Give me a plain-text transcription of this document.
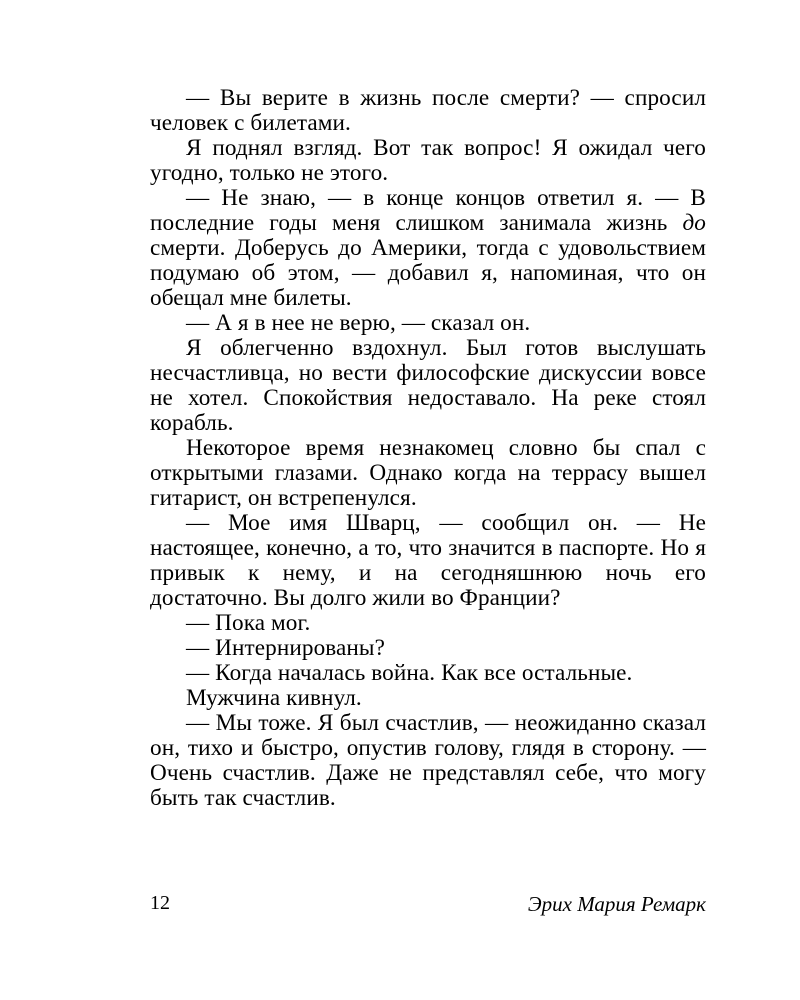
— Вы верите в жизнь после смерти? — спросил человек с билетами.

Я поднял взгляд. Вот так вопрос! Я ожидал чего угодно, только не этого.

— Не знаю, — в конце концов ответил я. — В последние годы меня слишком занимала жизнь до смерти. Доберусь до Америки, тогда с удовольствием подумаю об этом, — добавил я, напоминая, что он обещал мне билеты.

— А я в нее не верю, — сказал он.

Я облегченно вздохнул. Был готов выслушать несчастливца, но вести философские дискуссии вовсе не хотел. Спокойствия недоставало. На реке стоял корабль.

Некоторое время незнакомец словно бы спал с открытыми глазами. Однако когда на террасу вышел гитарист, он встрепенулся.

— Мое имя Шварц, — сообщил он. — Не настоящее, конечно, а то, что значится в паспорте. Но я привык к нему, и на сегодняшнюю ночь его достаточно. Вы долго жили во Франции?

— Пока мог.

— Интернированы?

— Когда началась война. Как все остальные.

Мужчина кивнул.

— Мы тоже. Я был счастлив, — неожиданно сказал он, тихо и быстро, опустив голову, глядя в сторону. — Очень счастлив. Даже не представлял себе, что могу быть так счастлив.

12	Эрих Мария Ремарк
